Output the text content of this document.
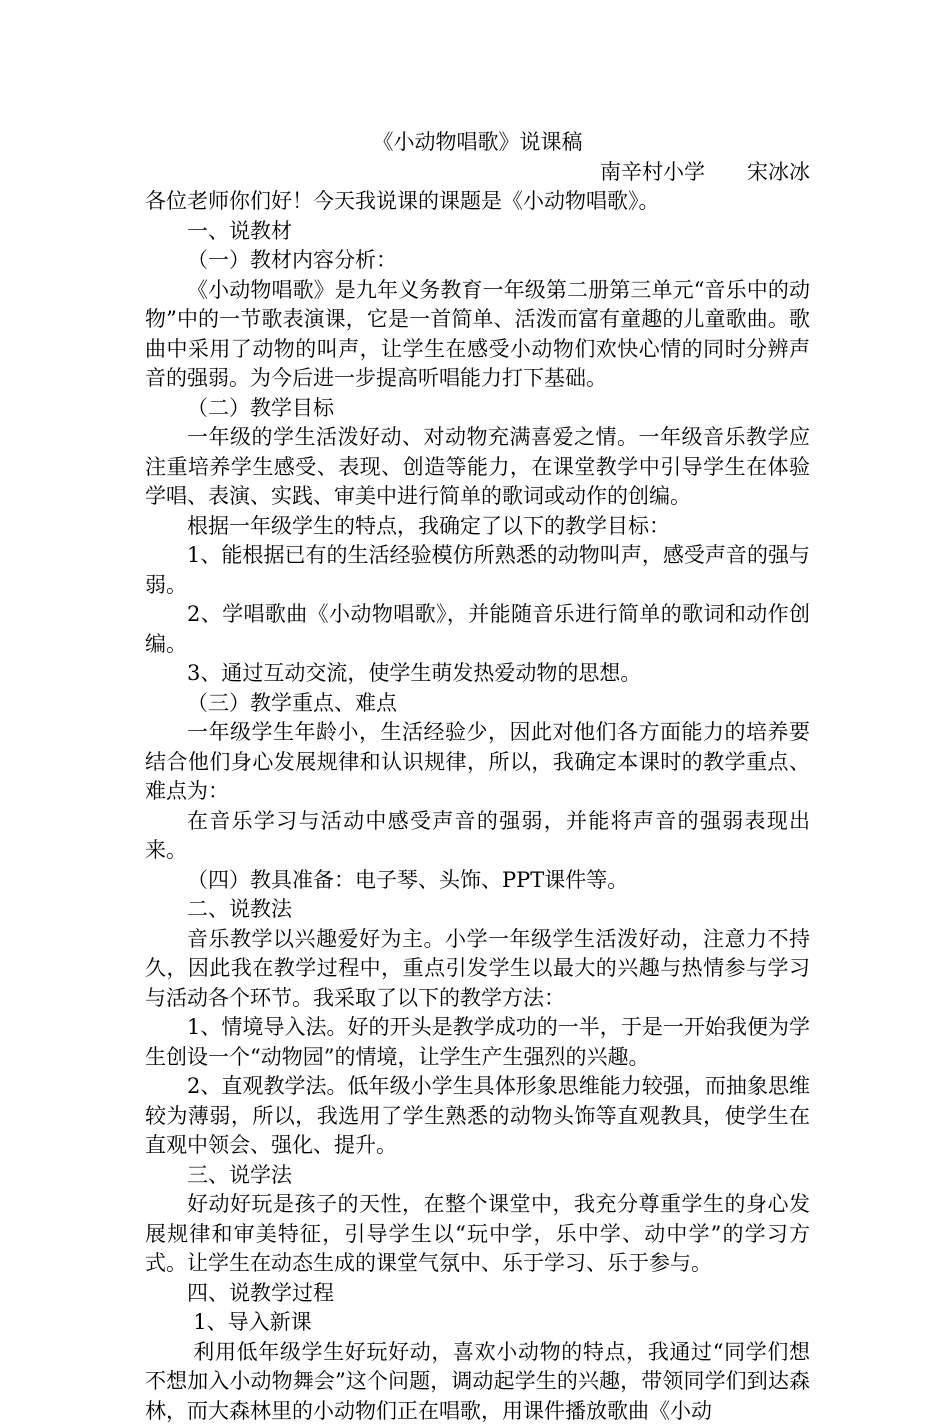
《小动物唱歌》说课稿

南辛村小学　　宋冰冰

各位老师你们好！今天我说课的课题是《小动物唱歌》。

一、说教材

（一）教材内容分析：

《小动物唱歌》是九年义务教育一年级第二册第三单元“音乐中的动物”中的一节歌表演课，它是一首简单、活泼而富有童趣的儿童歌曲。歌曲中采用了动物的叫声，让学生在感受小动物们欢快心情的同时分辨声音的强弱。为今后进一步提高听唱能力打下基础。

（二）教学目标

一年级的学生活泼好动、对动物充满喜爱之情。一年级音乐教学应注重培养学生感受、表现、创造等能力，在课堂教学中引导学生在体验学唱、表演、实践、审美中进行简单的歌词或动作的创编。

根据一年级学生的特点，我确定了以下的教学目标：

1、能根据已有的生活经验模仿所熟悉的动物叫声，感受声音的强与弱。

2、学唱歌曲《小动物唱歌》，并能随音乐进行简单的歌词和动作创编。

3、通过互动交流，使学生萌发热爱动物的思想。

（三）教学重点、难点

一年级学生年龄小，生活经验少，因此对他们各方面能力的培养要结合他们身心发展规律和认识规律，所以，我确定本课时的教学重点、难点为：

在音乐学习与活动中感受声音的强弱，并能将声音的强弱表现出来。

（四）教具准备：电子琴、头饰、PPT课件等。

二、说教法

音乐教学以兴趣爱好为主。小学一年级学生活泼好动，注意力不持久，因此我在教学过程中，重点引发学生以最大的兴趣与热情参与学习与活动各个环节。我采取了以下的教学方法：

1、情境导入法。好的开头是教学成功的一半，于是一开始我便为学生创设一个“动物园”的情境，让学生产生强烈的兴趣。

2、直观教学法。低年级小学生具体形象思维能力较强，而抽象思维较为薄弱，所以，我选用了学生熟悉的动物头饰等直观教具，使学生在直观中领会、强化、提升。

三、说学法

好动好玩是孩子的天性，在整个课堂中，我充分尊重学生的身心发展规律和审美特征，引导学生以“玩中学，乐中学、动中学”的学习方式。让学生在动态生成的课堂气氛中、乐于学习、乐于参与。

四、说教学过程

1、导入新课

利用低年级学生好玩好动，喜欢小动物的特点，我通过“同学们想不想加入小动物舞会”这个问题，调动起学生的兴趣，带领同学们到达森林，而大森林里的小动物们正在唱歌，用课件播放歌曲《小动
